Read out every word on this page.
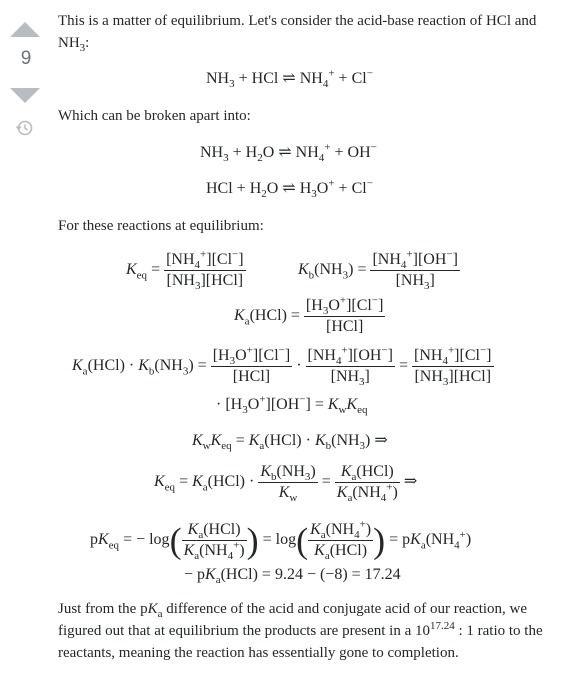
9
This is a matter of equilibrium. Let's consider the acid-base reaction of HCl and $NH_3$:
$NH_3$ + HCl ⇌ $NH_4^+ + Cl^-$
Which can be broken apart into:
$NH_3 + H_2O$ ⇌ $NH_4^+ + OH^-$
HCl + $H_2O$ ⇌ $H_3O^+ + Cl^-$
For these reactions at equilibrium:
$K_{eq} = \frac{[NH_4^+][Cl^-]}{[NH_3][HCl]}$	$K_b(NH_3) = \frac{[NH_4^+][OH^-]}{[NH_3]}$
$K_a(HCl) = \frac{[H_3O^+][Cl^-]}{\text{[HCl]}}$
$K_a(HCl) \cdot K_b(NH_3) = \frac{[H_3O^+][Cl^-]}{\text{[HCl]}} \cdot \frac{[NH_4^+][OH^-]}{[NH_3]} = \frac{[NH_4^+][Cl^-]}{[NH_3][HCl]}$
· $[H_3O^+][OH^-] = K_wK_{eq}$
$K_wK_{eq} = K_a(HCl) \cdot K_b(NH_3)$ ⇒
$K_{eq} = K_a(HCl) \cdot \frac{K_b(NH_3)}{K_w} = \frac{K_a(HCl)}{K_a(NH_4^+)}$ ⇒
$pK_{eq}$ = − $\log( \frac{K_a(HCl)}{K_a(NH_4^+)}$ ) = $\log( \frac{K_a(NH_4^+)}{K_a(HCl)}$ ) = $pK_a(NH_4^+)$
− $pK_a(HCl) = 9.24 - (-8) = 17.24$
Just from the $pK_a$ difference of the acid and conjugate acid of our reaction, we figured out that at equilibrium the products are present in a $10^{17.24}$ : 1 ratio to the reactants, meaning the reaction has essentially gone to completion.
